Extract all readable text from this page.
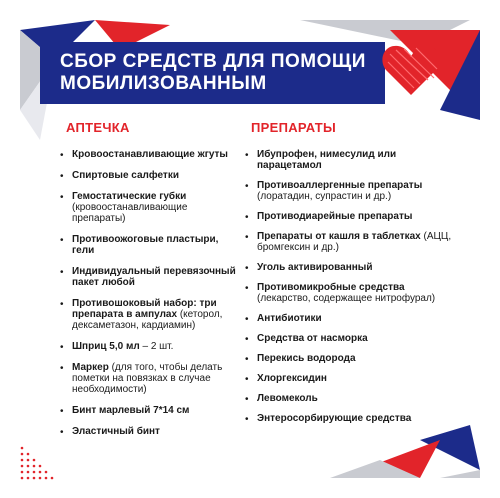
СБОР СРЕДСТВ ДЛЯ ПОМОЩИ
МОБИЛИЗОВАННЫМ
АПТЕЧКА
• Кровоостанавливающие жгуты
• Спиртовые салфетки
• Гемостатические губки (кровоостанавливающие препараты)
• Противоожоговые пластыри, гели
• Индивидуальный перевязочный пакет любой
• Противошоковый набор: три препарата в ампулах (кеторол, дексаметазон, кардиамин)
• Шприц 5,0 мл – 2 шт.
• Маркер (для того, чтобы делать пометки на повязках в случае необходимости)
• Бинт марлевый 7*14 см
• Эластичный бинт
ПРЕПАРАТЫ
• Ибупрофен, нимесулид или парацетамол
• Противоаллергенные препараты (лоратадин, супрастин и др.)
• Противодиарейные препараты
• Препараты от кашля в таблетках (АЦЦ, бромгексин и др.)
• Уголь активированный
• Противомикробные средства (лекарство, содержащее нитрофурал)
• Антибиотики
• Средства от насморка
• Перекись водорода
• Хлоргексидин
• Левомеколь
• Энтеросорбирующие средства
